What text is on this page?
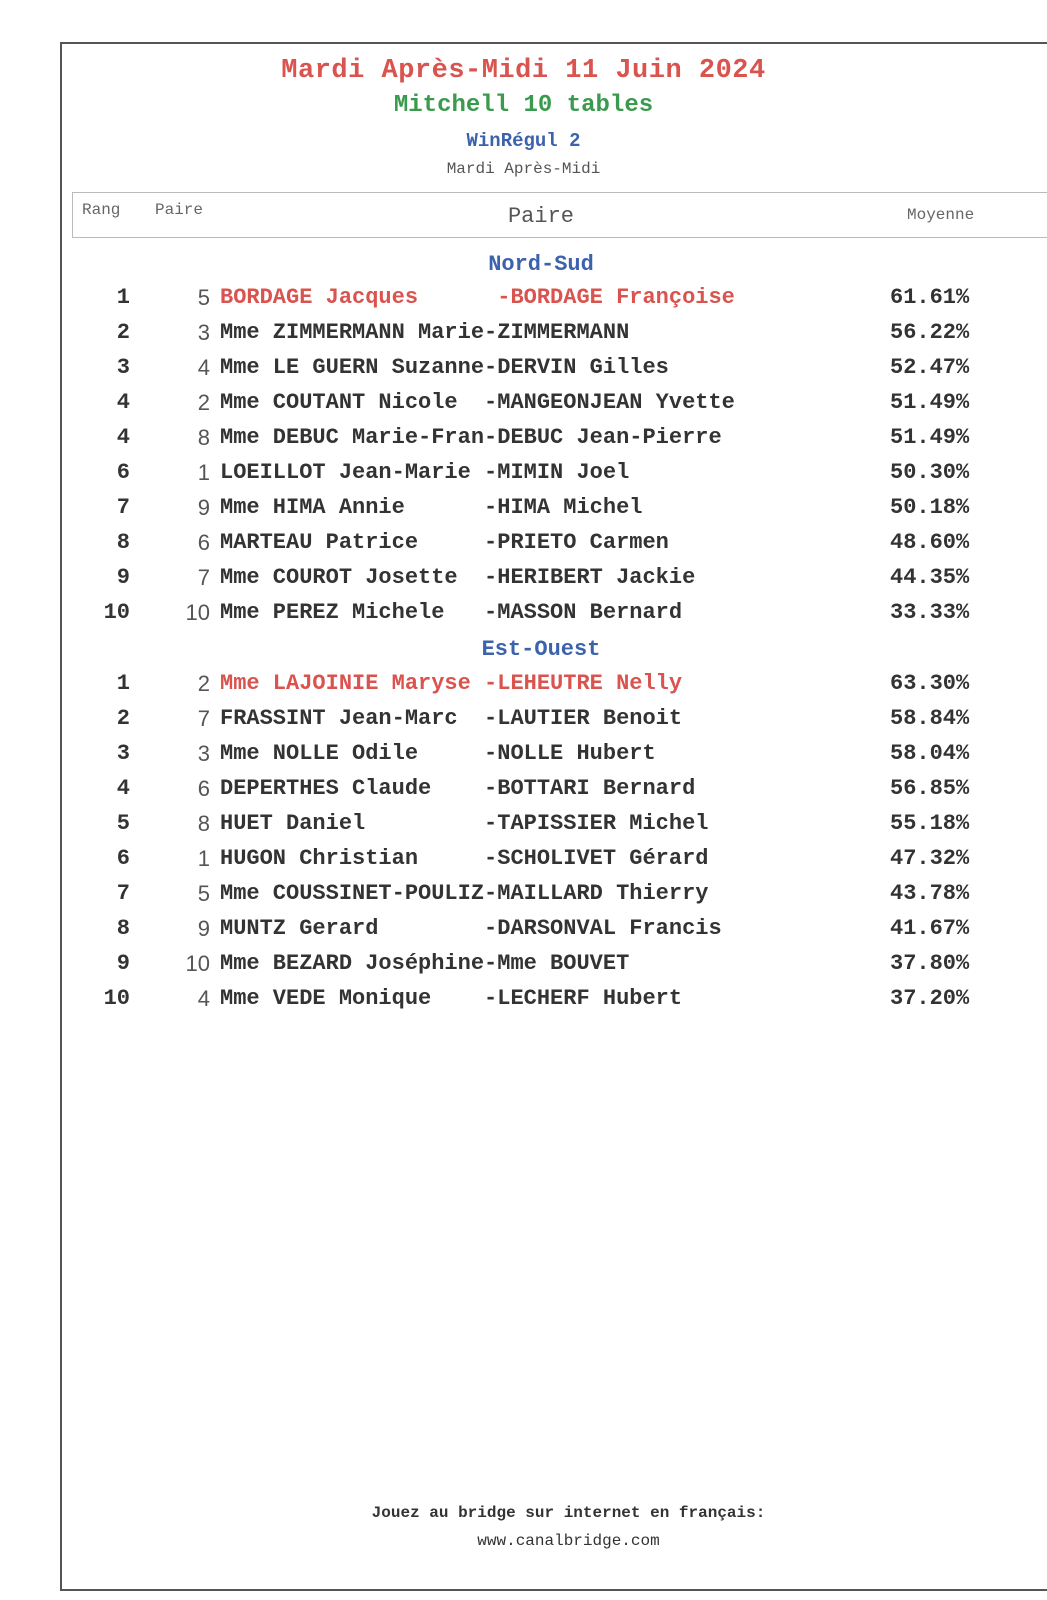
Mardi Après-Midi 11 Juin 2024
Mitchell 10 tables
WinRégul 2
Mardi Après-Midi
Rang Paire	Paire	Moyenne
Nord-Sud
1	5 BORDAGE Jacques      -BORDAGE Françoise	61.61%
2	3 Mme ZIMMERMANN Marie-ZIMMERMANN	56.22%
3	4 Mme LE GUERN Suzanne-DERVIN Gilles	52.47%
4	2 Mme COUTANT Nicole  -MANGEONJEAN Yvette	51.49%
4	8 Mme DEBUC Marie-Fran-DEBUC Jean-Pierre	51.49%
6	1 LOEILLOT Jean-Marie -MIMIN Joel	50.30%
7	9 Mme HIMA Annie      -HIMA Michel	50.18%
8	6 MARTEAU Patrice     -PRIETO Carmen	48.60%
9	7 Mme COUROT Josette  -HERIBERT Jackie	44.35%
10	10 Mme PEREZ Michele   -MASSON Bernard	33.33%
Est-Ouest
1	2 Mme LAJOINIE Maryse -LEHEUTRE Nelly	63.30%
2	7 FRASSINT Jean-Marc  -LAUTIER Benoit	58.84%
3	3 Mme NOLLE Odile     -NOLLE Hubert	58.04%
4	6 DEPERTHES Claude    -BOTTARI Bernard	56.85%
5	8 HUET Daniel         -TAPISSIER Michel	55.18%
6	1 HUGON Christian     -SCHOLIVET Gérard	47.32%
7	5 Mme COUSSINET-POULIZ-MAILLARD Thierry	43.78%
8	9 MUNTZ Gerard        -DARSONVAL Francis	41.67%
9	10 Mme BEZARD Joséphine-Mme BOUVET	37.80%
10	4 Mme VEDE Monique    -LECHERF Hubert	37.20%
Jouez au bridge sur internet en français:
www.canalbridge.com
